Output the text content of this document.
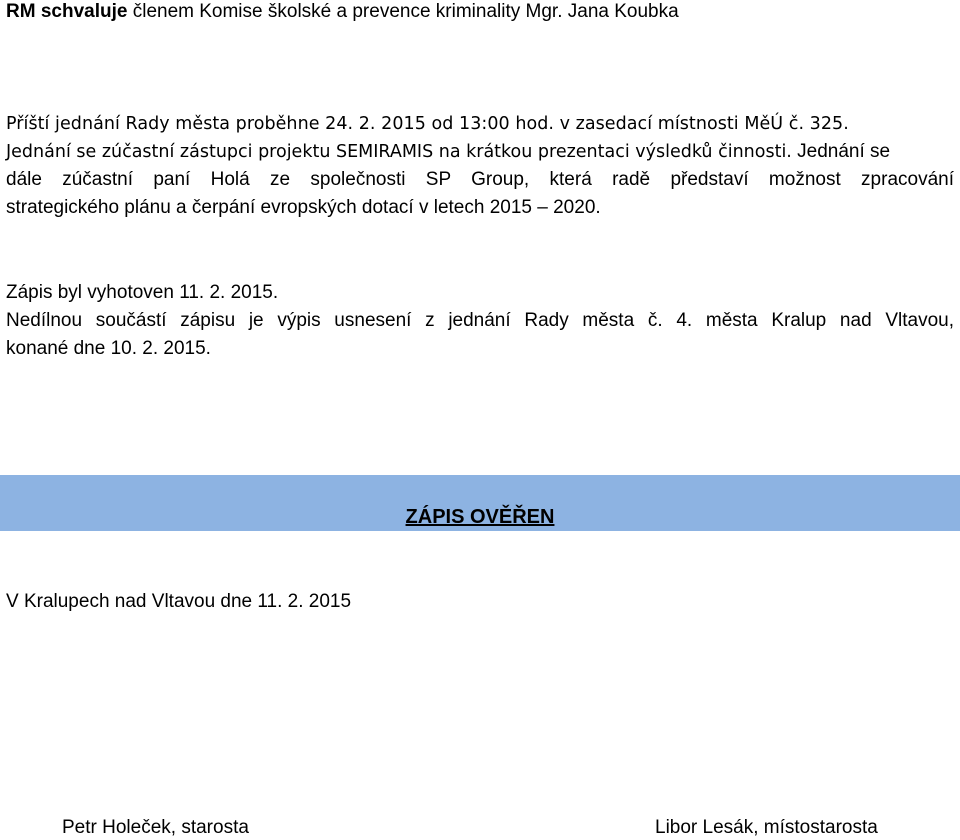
RM schvaluje členem Komise školské a prevence kriminality Mgr. Jana Koubka
Příští jednání Rady města proběhne 24. 2. 2015 od 13:00 hod. v zasedací místnosti MěÚ č. 325.
Jednání se zúčastní zástupci projektu SEMIRAMIS na krátkou prezentaci výsledků činnosti. Jednání se
dále zúčastní paní Holá ze společnosti SP Group, která radě představí možnost zpracování
strategického plánu a čerpání evropských dotací v letech 2015 – 2020.
Zápis byl vyhotoven 11. 2. 2015.
Nedílnou součástí zápisu je výpis usnesení z jednání Rady města č. 4. města Kralup nad Vltavou,
konané dne 10. 2. 2015.
ZÁPIS OVĚŘEN
V Kralupech nad Vltavou dne 11. 2. 2015
Petr Holeček, starosta	Libor Lesák, místostarosta
